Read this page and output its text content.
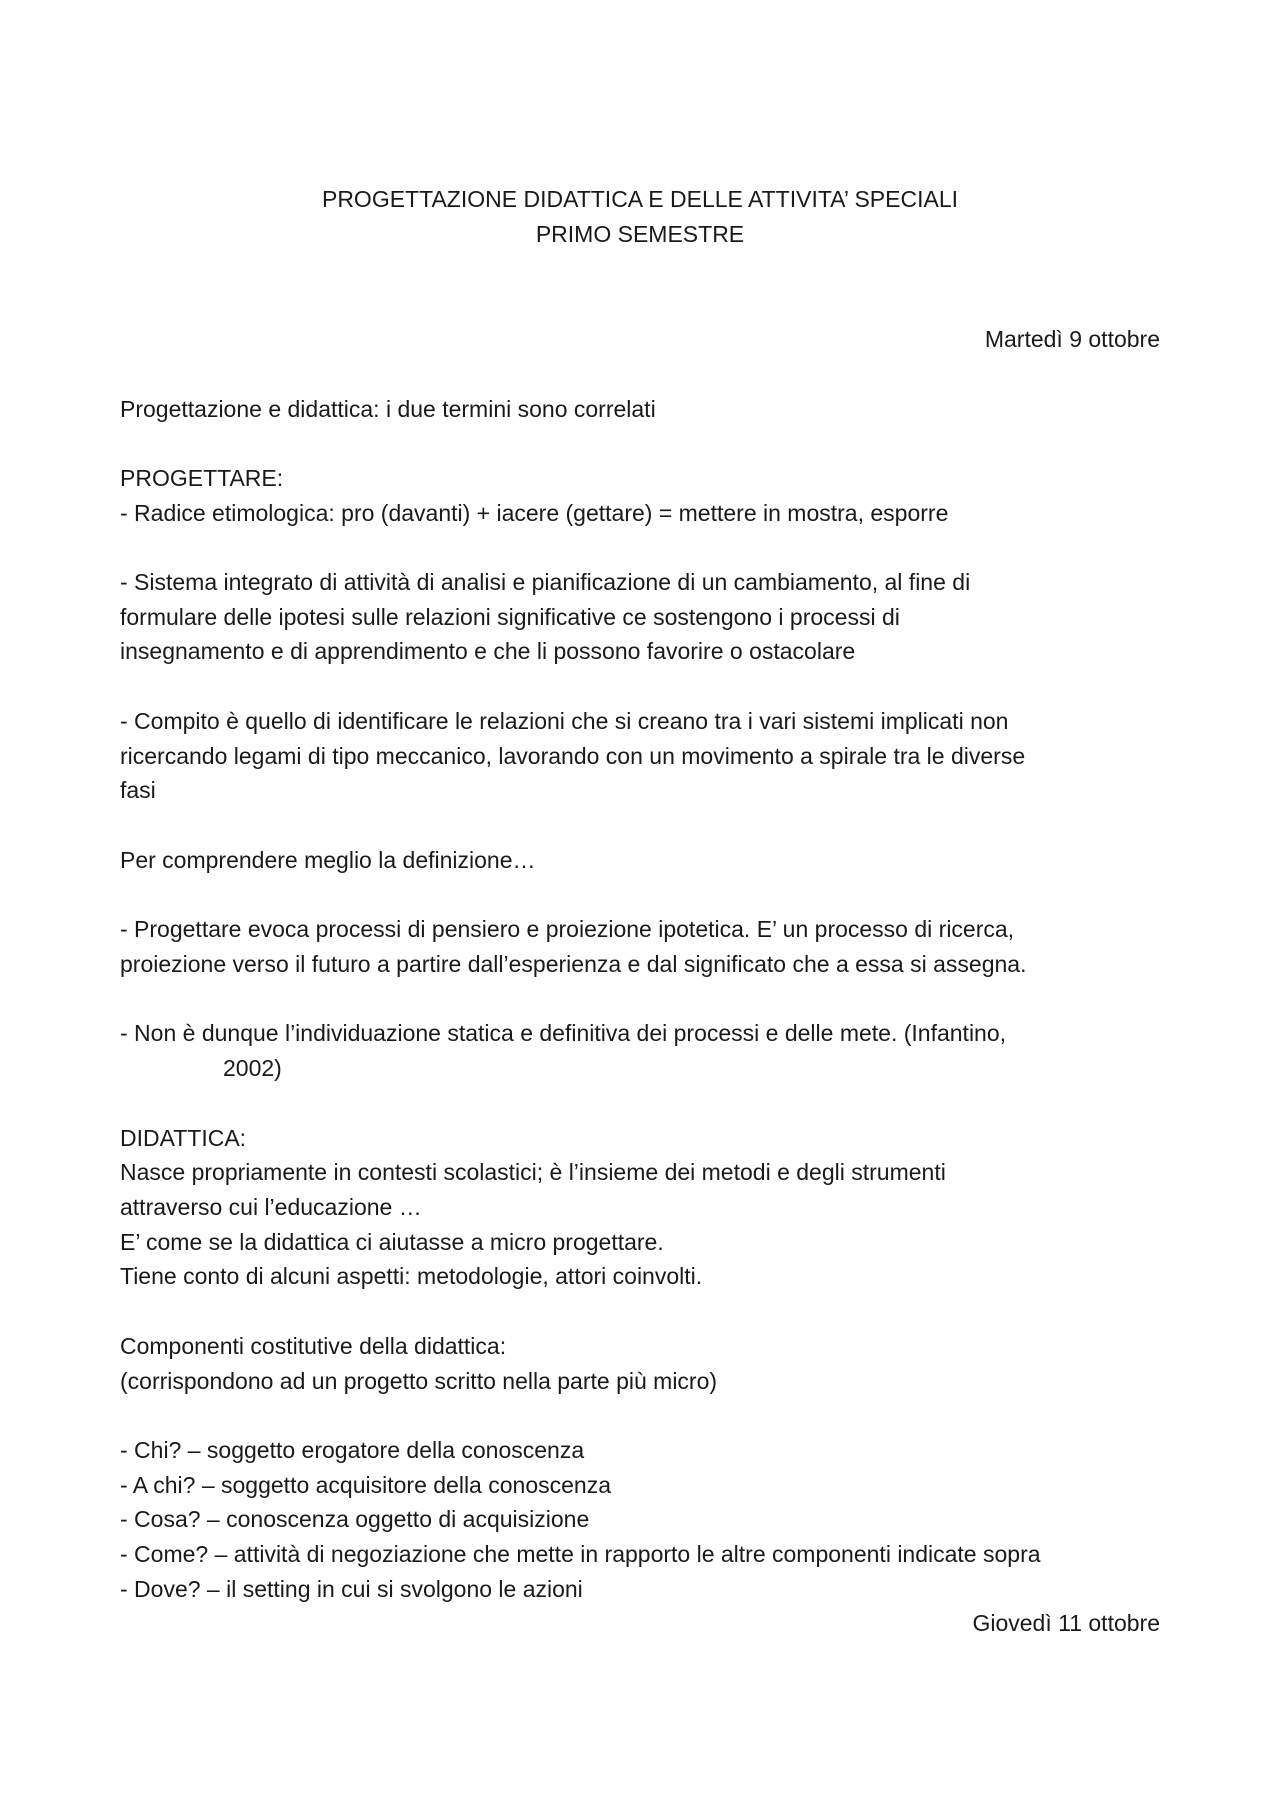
PROGETTAZIONE DIDATTICA E DELLE ATTIVITA’ SPECIALI
PRIMO SEMESTRE
Martedì 9 ottobre
Progettazione e didattica: i due termini sono correlati
PROGETTARE:
- Radice etimologica: pro (davanti) + iacere (gettare) = mettere in mostra, esporre
- Sistema integrato di attività di analisi e pianificazione di un cambiamento, al fine di
formulare delle ipotesi sulle relazioni significative ce sostengono i processi di
insegnamento e di apprendimento e che li possono favorire o ostacolare
- Compito è quello di identificare le relazioni che si creano tra i vari sistemi implicati non
ricercando legami di tipo meccanico, lavorando con un movimento a spirale tra le diverse
fasi
Per comprendere meglio la definizione…
- Progettare evoca processi di pensiero e proiezione ipotetica. E’ un processo di ricerca,
proiezione verso il futuro a partire dall’esperienza e dal significato che a essa si assegna.
- Non è dunque l’individuazione statica e definitiva dei processi e delle mete. (Infantino,
2002)
DIDATTICA:
Nasce propriamente in contesti scolastici; è l’insieme dei metodi e degli strumenti
attraverso cui l’educazione …
E’ come se la didattica ci aiutasse a micro progettare.
Tiene conto di alcuni aspetti: metodologie, attori coinvolti.
Componenti costitutive della didattica:
(corrispondono ad un progetto scritto nella parte più micro)
- Chi? – soggetto erogatore della conoscenza
- A chi? – soggetto acquisitore della conoscenza
- Cosa? – conoscenza oggetto di acquisizione
- Come? – attività di negoziazione che mette in rapporto le altre componenti indicate sopra
- Dove? – il setting in cui si svolgono le azioni
Giovedì 11 ottobre
